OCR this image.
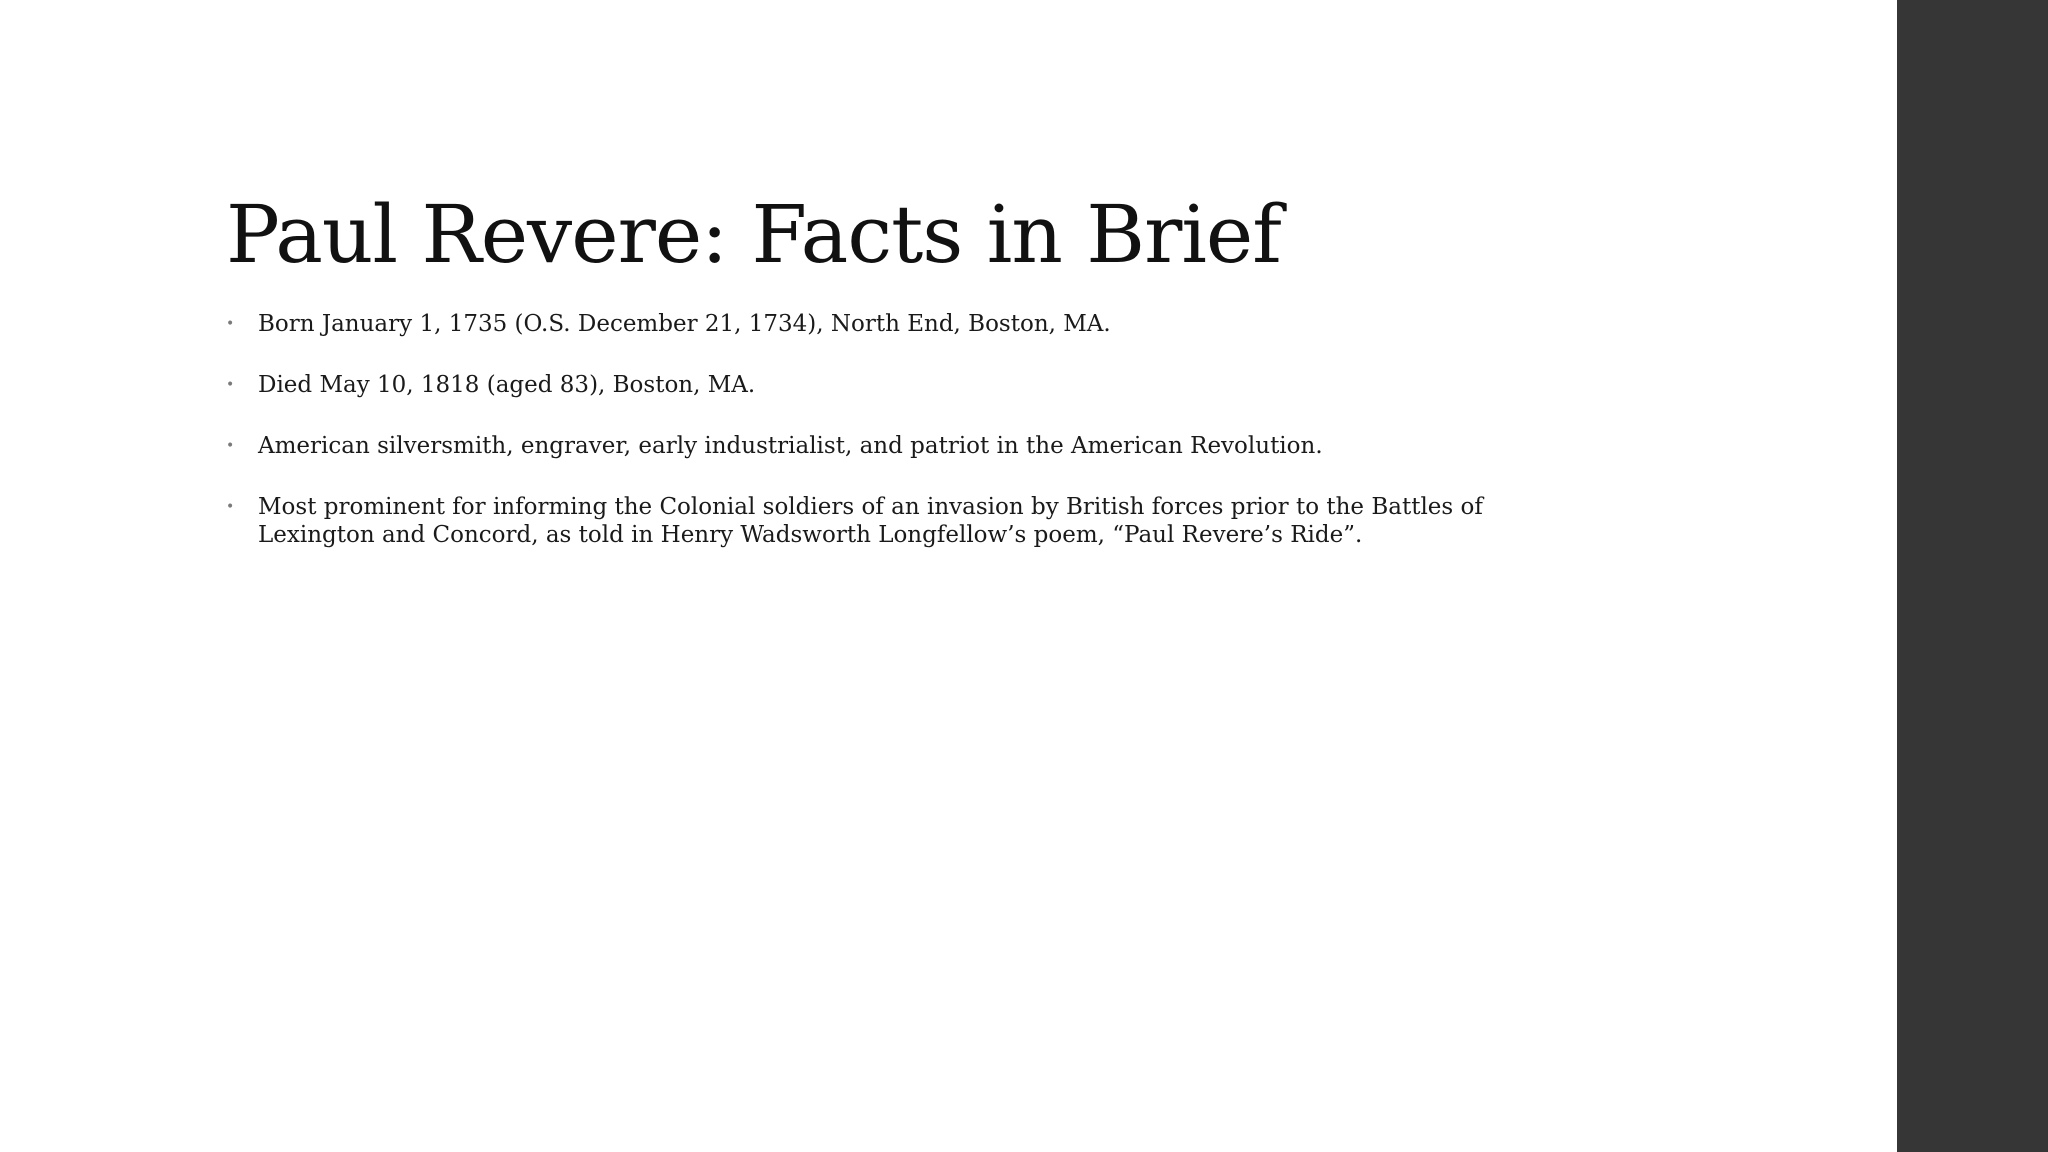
Paul Revere: Facts in Brief
• Born January 1, 1735 (O.S. December 21, 1734), North End, Boston, MA.
• Died May 10, 1818 (aged 83), Boston, MA.
• American silversmith, engraver, early industrialist, and patriot in the American Revolution.
• Most prominent for informing the Colonial soldiers of an invasion by British forces prior to the Battles of Lexington and Concord, as told in Henry Wadsworth Longfellow’s poem, “Paul Revere’s Ride”.
